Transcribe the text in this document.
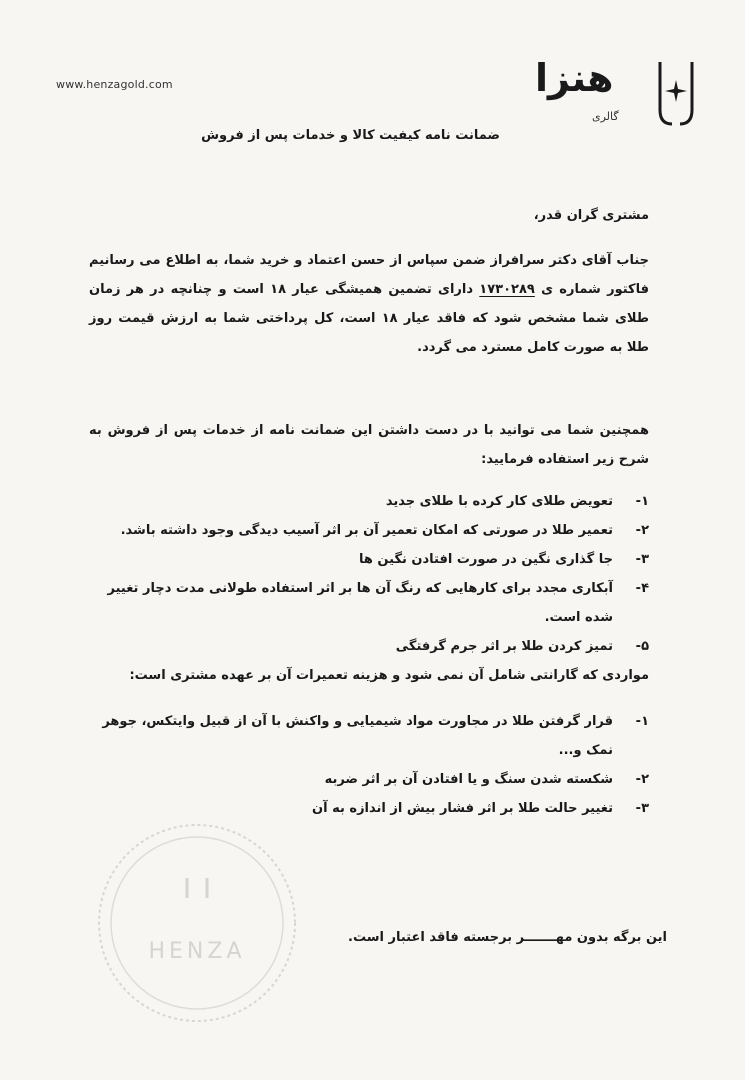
www.henzagold.com	هنزا
گالری
ضمانت نامه کیفیت کالا و خدمات پس از فروش
مشتری گران قدر،
جناب آقای دکتر سرافراز ضمن سپاس از حسن اعتماد و خرید شما، به اطلاع می رسانیم فاکتور شماره ی ۱۷۳۰۲۸۹ دارای تضمین همیشگی عیار ۱۸ است و چنانچه در هر زمان طلای شما مشخص شود که فاقد عیار ۱۸ است، کل پرداختی شما به ارزش قیمت روز طلا به صورت کامل مسترد می گردد.
همچنین شما می توانید با در دست داشتن این ضمانت نامه از خدمات پس از فروش به شرح زیر استفاده فرمایید:
۱-
تعویض طلای کار کرده با طلای جدید
۲-
تعمیر طلا در صورتی که امکان تعمیر آن بر اثر آسیب دیدگی وجود داشته باشد.
۳-
جا گذاری نگین در صورت افتادن نگین ها
۴-
آبکاری مجدد برای کارهایی که رنگ آن ها بر اثر استفاده طولانی مدت دچار تغییر شده است.
۵-
تمیز کردن طلا بر اثر جرم گرفتگی
مواردی که گارانتی شامل آن نمی شود و هزینه تعمیرات آن بر عهده مشتری است:
۱-
قرار گرفتن طلا در مجاورت مواد شیمیایی و واکنش با آن از قبیل وایتکس، جوهر نمک و...
۲-
شکسته شدن سنگ و یا افتادن آن بر اثر ضربه
۳-
تغییر حالت طلا بر اثر فشار بیش از اندازه به آن
HENZA
این برگه بدون مهـــــــر برجسته فاقد اعتبار است.
